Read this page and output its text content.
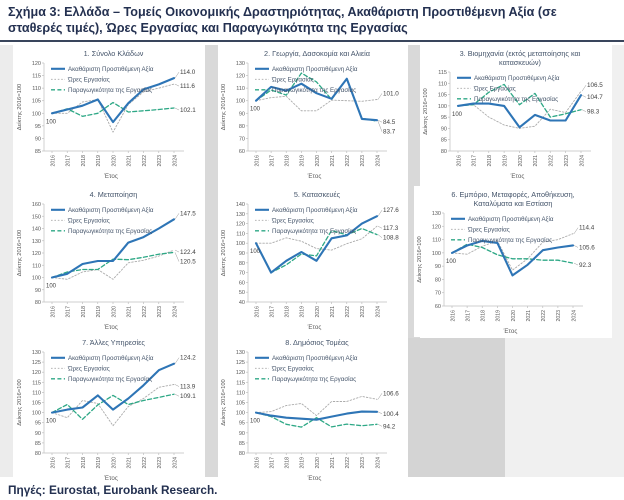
Σχήμα 3: Ελλάδα – Τομείς Οικονομικής Δραστηριότητας, Ακαθάριστη Προστιθέμενη Αξία (σε σταθερές τιμές), Ώρες Εργασίας και Παραγωγικότητα της Εργασίας
1. Σύνολο Κλάδων
85
90
95
100
105
110
115
120
2016 2017 2018 2019 2020 2021 2022 2023 2024
Έτος
Δείκτης 2016=100
Ακαθάριστη Προστιθέμενη Αξία
Ώρες Εργασίας
Παραγωγικότητα της Εργασίας
100
114.0
111.6
102.1
2. Γεωργία, Δασοκομία και Αλιεία
60
70
80
90
100
110
120
130
2016 2017 2018 2019 2020 2021 2022 2023 2024
Έτος
Δείκτης 2016=100
Ακαθάριστη Προστιθέμενη Αξία
Ώρες Εργασίας
Παραγωγικότητα της Εργασίας
100
101.0
84.5
83.7
3. Βιομηχανία (εκτός μεταποίησης και
κατασκευών)
80
85
90
95
100
105
110
115
2016 2017 2018 2019 2020 2021 2022 2023 2024
Έτος
Δείκτης 2016=100
Ακαθάριστη Προστιθέμενη Αξία
Ώρες Εργασίας
Παραγωγικότητα της Εργασίας
100
106.5
104.7
98.3
4. Μεταποίηση
80
90
100
110
120
130
140
150
160
2016 2017 2018 2019 2020 2021 2022 2023 2024
Έτος
Δείκτης 2016=100
Ακαθάριστη Προστιθέμενη Αξία
Ώρες Εργασίας
Παραγωγικότητα της Εργασίας
100
147.5
122.4
120.5
5. Κατασκευές
40
50
60
70
80
90
100
110
120
130
140
2016 2017 2018 2019 2020 2021 2022 2023 2024
Έτος
Δείκτης 2016=100
Ακαθάριστη Προστιθέμενη Αξία
Ώρες Εργασίας
Παραγωγικότητα της Εργασίας
100
127.6
117.3
108.8
6. Εμπόριο, Μεταφορές, Αποθήκευση,
Καταλύματα και Εστίαση
60
70
80
90
100
110
120
130
2016 2017 2018 2019 2020 2021 2022 2023 2024
Έτος
Δείκτης 2016=100
Ακαθάριστη Προστιθέμενη Αξία
Ώρες Εργασίας
Παραγωγικότητα της Εργασίας
100
114.4
105.6
92.3
7. Άλλες Υπηρεσίες
80
85
90
95
100
105
110
115
120
125
130
2016 2017 2018 2019 2020 2021 2022 2023 2024
Έτος
Δείκτης 2016=100
Ακαθάριστη Προστιθέμενη Αξία
Ώρες Εργασίας
Παραγωγικότητα της Εργασίας
100
124.2
113.9
109.1
8. Δημόσιος Τομέας
80
85
90
95
100
105
110
115
120
125
130
2016 2017 2018 2019 2020 2021 2022 2023 2024
Έτος
Δείκτης 2016=100
Ακαθάριστη Προστιθέμενη Αξία
Ώρες Εργασίας
Παραγωγικότητα της Εργασίας
100
106.6
100.4
94.2
Πηγές: Eurostat, Eurobank Research.
